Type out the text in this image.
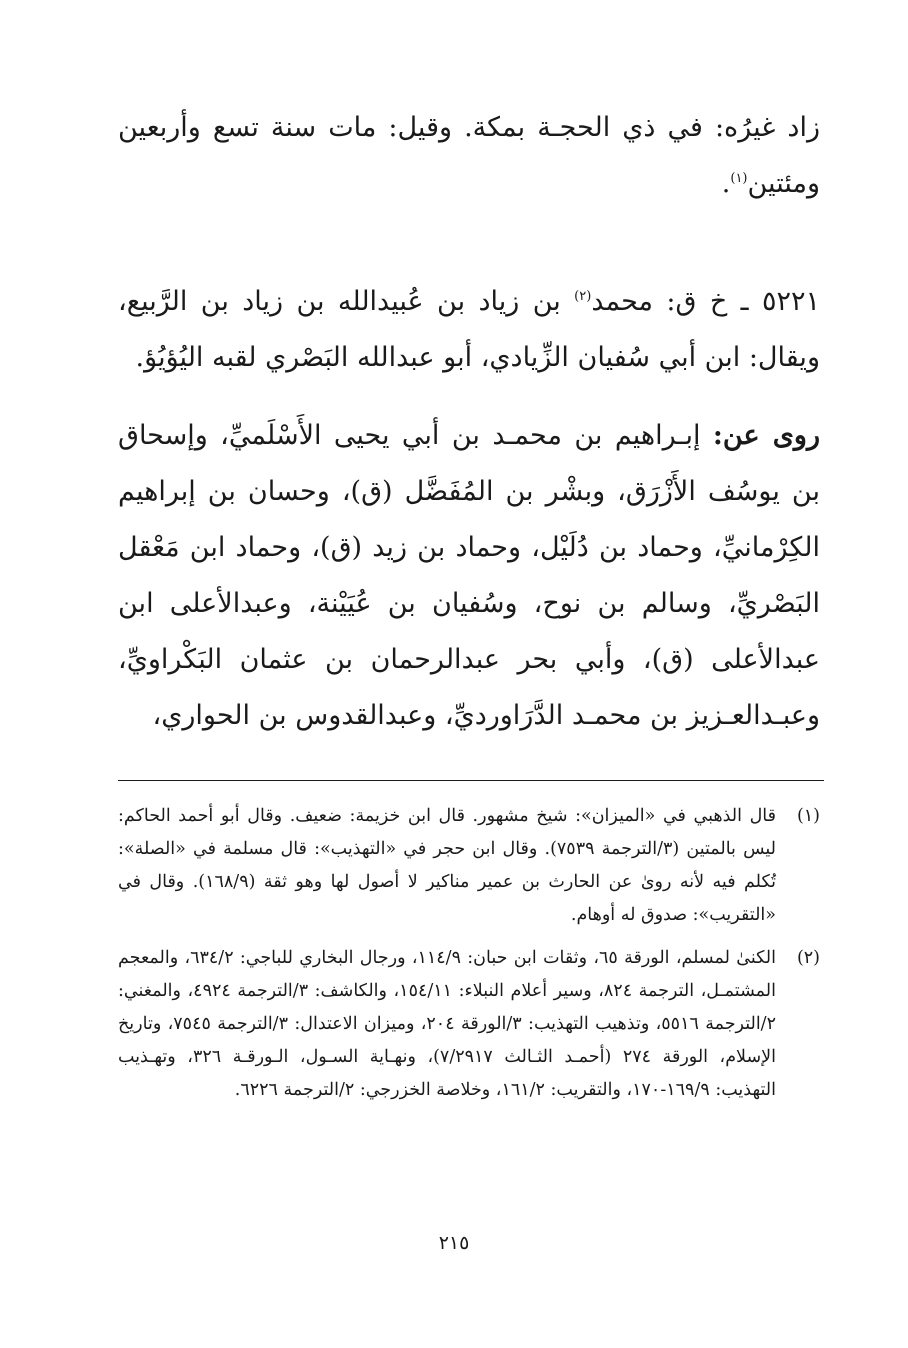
زاد غيرُه: في ذي الحجـة بمكة. وقيل: مات سنة تسع وأربعين ومئتين$^{(١)}$.

٥٢٢١ ـ خ ق: محمد$^{(٢)}$ بن زياد بن عُبيدالله بن زياد بن الرَّبيع، ويقال: ابن أبي سُفيان الزِّيادي، أبو عبدالله البَصْري لقبه اليُؤيُؤ.

روى عن: إبـراهيم بن محمـد بن أبي يحيى الأَسْلَميِّ، وإسحاق بن يوسُف الأَزْرَق، وبشْر بن المُفَضَّل (ق)، وحسان بن إبراهيم الكِرْمانيِّ، وحماد بن دُلَيْل، وحماد بن زيد (ق)، وحماد ابن مَعْقل البَصْريِّ، وسالم بن نوح، وسُفيان بن عُيَيْنة، وعبدالأعلى ابن عبدالأعلى (ق)، وأبي بحر عبدالرحمان بن عثمان البَكْراويِّ، وعبـدالعـزيز بن محمـد الدَّرَاورديِّ، وعبدالقدوس بن الحواري،

(١)
قال الذهبي في «الميزان»: شيخ مشهور. قال ابن خزيمة: ضعيف. وقال أبو أحمد الحاكم: ليس بالمتين (٣/الترجمة ٧٥٣٩). وقال ابن حجر في «التهذيب»: قال مسلمة في «الصلة»: تُكلم فيه لأنه روىٰ عن الحارث بن عمير مناكير لا أصول لها وهو ثقة (١٦٨/٩). وقال في «التقريب»: صدوق له أوهام.
(٢)
الكنىٰ لمسلم، الورقة ٦٥، وثقات ابن حبان: ١١٤/٩، ورجال البخاري للباجي: ٦٣٤/٢، والمعجم المشتمـل، الترجمة ٨٢٤، وسير أعلام النبلاء: ١٥٤/١١، والكاشف: ٣/الترجمة ٤٩٢٤، والمغني: ٢/الترجمة ٥٥١٦، وتذهيب التهذيب: ٣/الورقة ٢٠٤، وميزان الاعتدال: ٣/الترجمة ٧٥٤٥، وتاريخ الإسلام، الورقة ٢٧٤ (أحمـد الثـالث ٧/٢٩١٧)، ونهـاية السـول، الـورقـة ٣٢٦، وتهـذيب التهذيب: ١٦٩/٩-١٧٠، والتقريب: ١٦١/٢، وخلاصة الخزرجي: ٢/الترجمة ٦٢٢٦.
٢١٥
